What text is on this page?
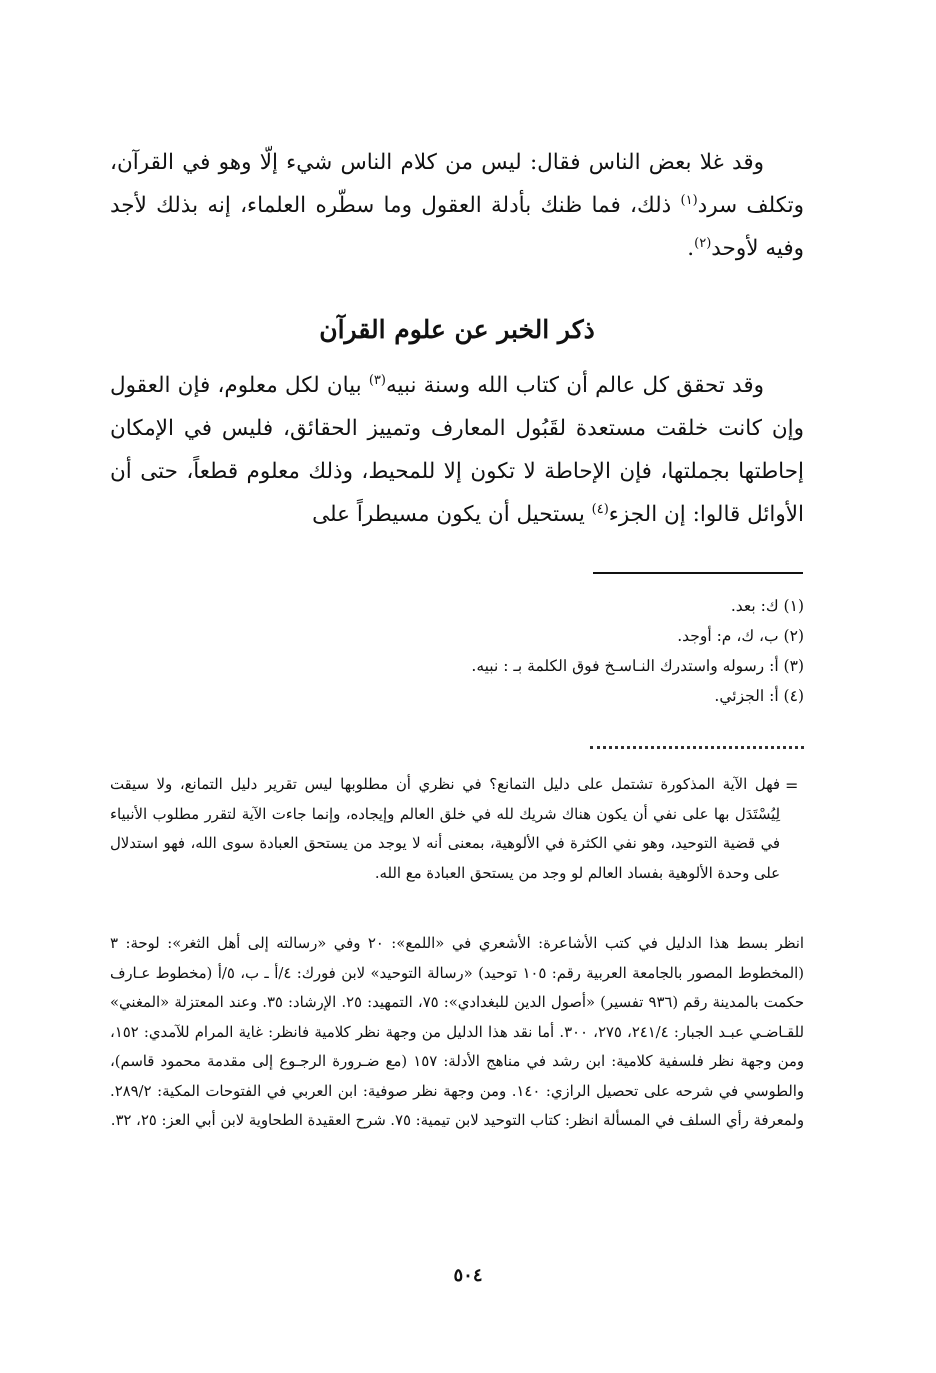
وقد غلا بعض الناس فقال: ليس من كلام الناس شيء إلّا وهو في القرآن، وتكلف سرد$^{(١)}$ ذلك، فما ظنك بأدلة العقول وما سطّره العلماء، إنه بذلك لأجد وفيه لأوحد$^{(٢)}$.

ذكر الخبر عن علوم القرآن

وقد تحقق كل عالم أن كتاب الله وسنة نبيه$^{(٣)}$ بيان لكل معلوم، فإن العقول وإن كانت خلقت مستعدة لقَبُول المعارف وتمييز الحقائق، فليس في الإمكان إحاطتها بجملتها، فإن الإحاطة لا تكون إلا للمحيط، وذلك معلوم قطعاً، حتى أن الأوائل قالوا: إن الجزء$^{(٤)}$ يستحيل أن يكون مسيطراً على

(١) ك: بعد.
(٢) ب، ك، م: أوجد.
(٣) أ: رسوله واستدرك النـاسـخ فوق الكلمة بـ : نبيه.
(٤) أ: الجزئي.
=

فهل الآية المذكورة تشتمل على دليل التمانع؟ في نظري أن مطلوبها ليس تقرير دليل التمانع، ولا سيقت لِيُسْتَدَل بها على نفي أن يكون هناك شريك لله في خلق العالم وإيجاده، وإنما جاءت الآية لتقرر مطلوب الأنبياء في قضية التوحيد، وهو نفي الكثرة في الألوهية، بمعنى أنه لا يوجد من يستحق العبادة سوى الله، فهو استدلال على وحدة الألوهية بفساد العالم لو وجد من يستحق العبادة مع الله.

انظر بسط هذا الدليل في كتب الأشاعرة: الأشعري في «اللمع»: ٢٠ وفي «رسالته إلى أهل الثغر»: لوحة: ٣ (المخطوط المصور بالجامعة العربية رقم: ١٠٥ توحيد) «رسالة التوحيد» لابن فورك: ٤/أ ـ ب، ٥/أ (مخطوط عـارف حكمت بالمدينة رقم (٩٣٦ تفسير) «أصول الدين للبغدادي»: ٧٥، التمهيد: ٢٥. الإرشاد: ٣٥. وعند المعتزلة «المغني» للقـاضـي عبـد الجبار: ٢٤١/٤، ٢٧٥، ٣٠٠. أما نقد هذا الدليل من وجهة نظر كلامية فانظر: غاية المرام للآمدي: ١٥٢، ومن وجهة نظر فلسفية كلامية: ابن رشد في مناهج الأدلة: ١٥٧ (مع ضـرورة الرجـوع إلى مقدمة محمود قاسم)، والطوسي في شرحه على تحصيل الرازي: ١٤٠. ومن وجهة نظر صوفية: ابن العربي في الفتوحات المكية: ٢٨٩/٢. ولمعرفة رأي السلف في المسألة انظر: كتاب التوحيد لابن تيمية: ٧٥. شرح العقيدة الطحاوية لابن أبي العز: ٢٥، ٣٢.

٥٠٤
